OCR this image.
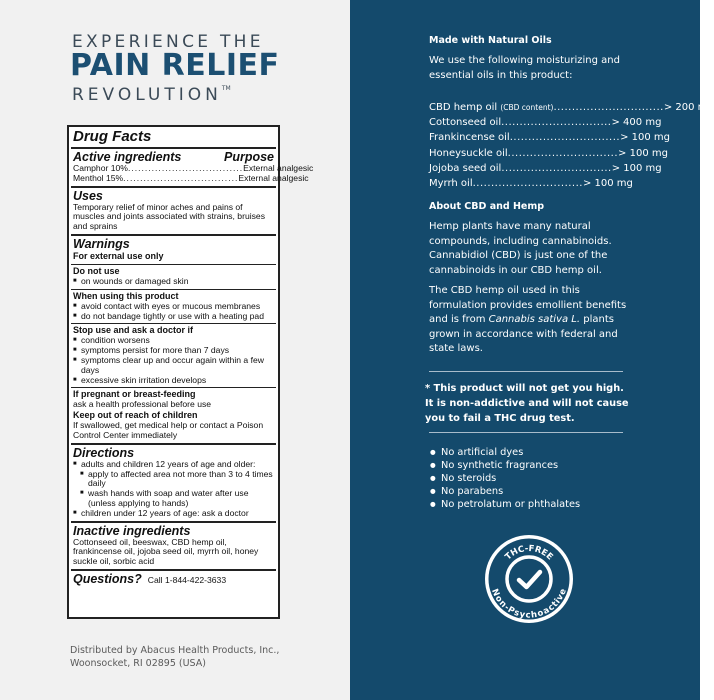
EXPERIENCE THE
PAIN RELIEF
REVOLUTION™
Drug Facts
Active ingredients	Purpose
Camphor 10% .................................. External analgesic
Menthol 15% .................................. External analgesic
Uses
Temporary relief of minor aches and pains of muscles and joints associated with strains, bruises and sprains
Warnings
For external use only
Do not use
■ on wounds or damaged skin
When using this product
■ avoid contact with eyes or mucous membranes
■ do not bandage tightly or use with a heating pad
Stop use and ask a doctor if
■ condition worsens
■ symptoms persist for more than 7 days
■ symptoms clear up and occur again within a few days
■ excessive skin irritation develops
If pregnant or breast-feeding
ask a health professional before use
Keep out of reach of children
If swallowed, get medical help or contact a Poison Control Center immediately
Directions
■ adults and children 12 years of age and older:
■ apply to affected area not more than 3 to 4 times daily
■ wash hands with soap and water after use (unless applying to hands)
■ children under 12 years of age: ask a doctor
Inactive ingredients
Cottonseed oil, beeswax, CBD hemp oil, frankincense oil, jojoba seed oil, myrrh oil, honey suckle oil, sorbic acid
Questions? Call 1-844-422-3633
Distributed by Abacus Health Products, Inc.,
Woonsocket, RI 02895 (USA)
Made with Natural Oils
We use the following moisturizing and essential oils in this product:
CBD hemp oil (CBD content) .............................. > 200 mg
Cottonseed oil .............................. > 400 mg
Frankincense oil .............................. > 100 mg
Honeysuckle oil .............................. > 100 mg
Jojoba seed oil .............................. > 100 mg
Myrrh oil .............................. > 100 mg
About CBD and Hemp
Hemp plants have many natural compounds, including cannabinoids. Cannabidiol (CBD) is just one of the cannabinoids in our CBD hemp oil.
The CBD hemp oil used in this formulation provides emollient benefits and is from Cannabis sativa L. plants grown in accordance with federal and state laws.
* This product will not get you high. It is non-addictive and will not cause you to fail a THC drug test.
● No artificial dyes
● No synthetic fragrances
● No steroids
● No parabens
● No petrolatum or phthalates
THC-FREE
Non-Psychoactive
